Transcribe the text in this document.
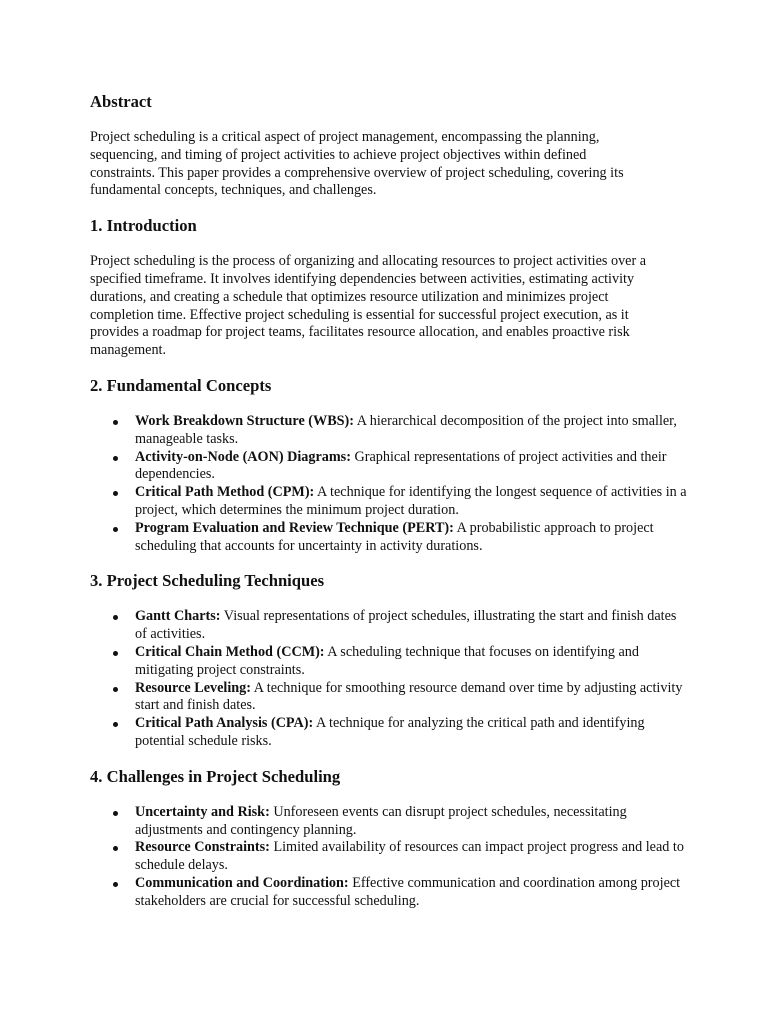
Abstract

Project scheduling is a critical aspect of project management, encompassing the planning, sequencing, and timing of project activities to achieve project objectives within defined constraints. This paper provides a comprehensive overview of project scheduling, covering its fundamental concepts, techniques, and challenges.

1. Introduction

Project scheduling is the process of organizing and allocating resources to project activities over a specified timeframe. It involves identifying dependencies between activities, estimating activity durations, and creating a schedule that optimizes resource utilization and minimizes project completion time. Effective project scheduling is essential for successful project execution, as it provides a roadmap for project teams, facilitates resource allocation, and enables proactive risk management.

2. Fundamental Concepts
Work Breakdown Structure (WBS): A hierarchical decomposition of the project into smaller, manageable tasks.
Activity-on-Node (AON) Diagrams: Graphical representations of project activities and their dependencies.
Critical Path Method (CPM): A technique for identifying the longest sequence of activities in a project, which determines the minimum project duration.
Program Evaluation and Review Technique (PERT): A probabilistic approach to project scheduling that accounts for uncertainty in activity durations.
3. Project Scheduling Techniques
Gantt Charts: Visual representations of project schedules, illustrating the start and finish dates of activities.
Critical Chain Method (CCM): A scheduling technique that focuses on identifying and mitigating project constraints.
Resource Leveling: A technique for smoothing resource demand over time by adjusting activity start and finish dates.
Critical Path Analysis (CPA): A technique for analyzing the critical path and identifying potential schedule risks.
4. Challenges in Project Scheduling
Uncertainty and Risk: Unforeseen events can disrupt project schedules, necessitating adjustments and contingency planning.
Resource Constraints: Limited availability of resources can impact project progress and lead to schedule delays.
Communication and Coordination: Effective communication and coordination among project stakeholders are crucial for successful scheduling.
